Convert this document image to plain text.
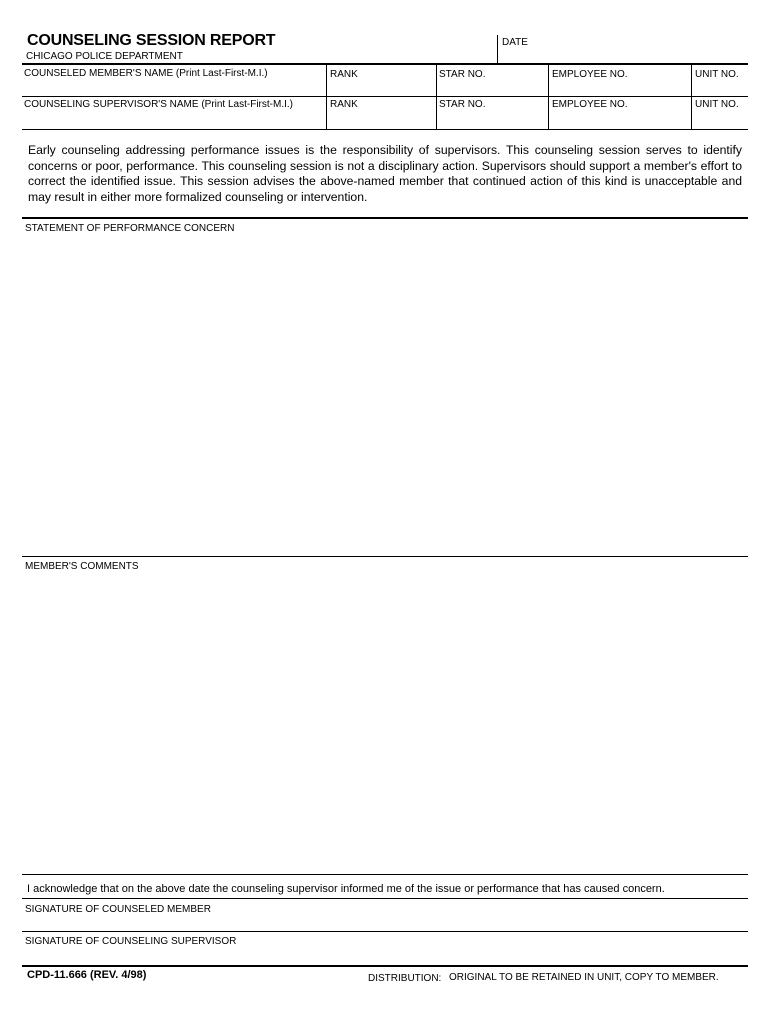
COUNSELING SESSION REPORT
CHICAGO POLICE DEPARTMENT
DATE
COUNSELED MEMBER'S NAME (Print Last-First-M.I.)	RANK	STAR NO.	EMPLOYEE NO.	UNIT NO.
COUNSELING SUPERVISOR'S NAME (Print Last-First-M.I.)	RANK	STAR NO.	EMPLOYEE NO.	UNIT NO.
Early counseling addressing performance issues is the responsibility of supervisors. This counseling session serves to identify concerns or poor, performance. This counseling session is not a disciplinary action. Supervisors should support a member's effort to correct the identified issue. This session advises the above-named member that continued action of this kind is unacceptable and may result in either more formalized counseling or intervention.
STATEMENT OF PERFORMANCE CONCERN
MEMBER'S COMMENTS
I acknowledge that on the above date the counseling supervisor informed me of the issue or performance that has caused concern.
SIGNATURE OF COUNSELED MEMBER
SIGNATURE OF COUNSELING SUPERVISOR
CPD-11.666 (REV. 4/98)	DISTRIBUTION: ORIGINAL TO BE RETAINED IN UNIT, COPY TO MEMBER.
